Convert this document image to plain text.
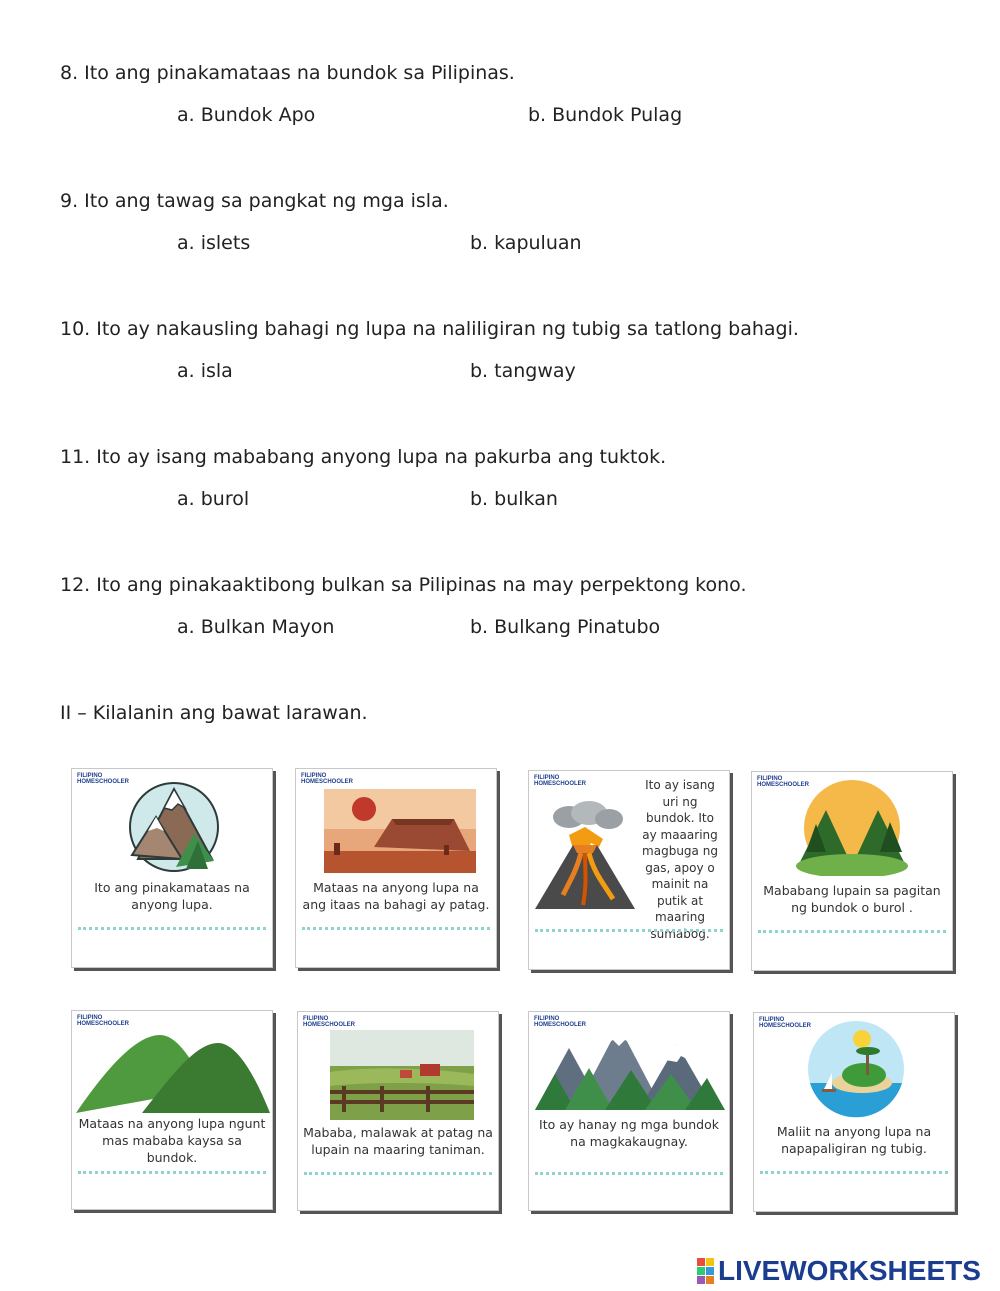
8. Ito ang pinakamataas na bundok sa Pilipinas.
a. Bundok Apo	b. Bundok Pulag
9. Ito ang tawag sa pangkat ng mga isla.
a. islets	b. kapuluan
10. Ito ay nakausling bahagi ng lupa na naliligiran ng tubig sa tatlong bahagi.
a. isla	b. tangway
11. Ito ay isang mababang anyong lupa na pakurba ang tuktok.
a. burol	b. bulkan
12. Ito ang pinakaaktibong bulkan sa Pilipinas na may perpektong kono.
a. Bulkan Mayon	b. Bulkang Pinatubo
II – Kilalanin ang bawat larawan.
FILIPINO
HOMESCHOOLER
Ito ang pinakamataas na anyong lupa.
FILIPINO
HOMESCHOOLER
Mataas na anyong lupa na ang itaas na bahagi ay patag.
FILIPINO
HOMESCHOOLER	Ito ay isang uri ng bundok. Ito ay maaaring magbuga ng gas, apoy o mainit na putik at maaring sumabog.
FILIPINO
HOMESCHOOLER
Mababang lupain sa pagitan ng bundok o burol .
FILIPINO
HOMESCHOOLER
Mataas na anyong lupa ngunt mas mababa kaysa sa bundok.
FILIPINO
HOMESCHOOLER
Mababa, malawak at patag na lupain na maaring taniman.
FILIPINO
HOMESCHOOLER
Ito ay hanay ng mga bundok na magkakaugnay.
FILIPINO
HOMESCHOOLER
Maliit na anyong lupa na napapaligiran ng tubig.
LIVEWORKSHEETS
